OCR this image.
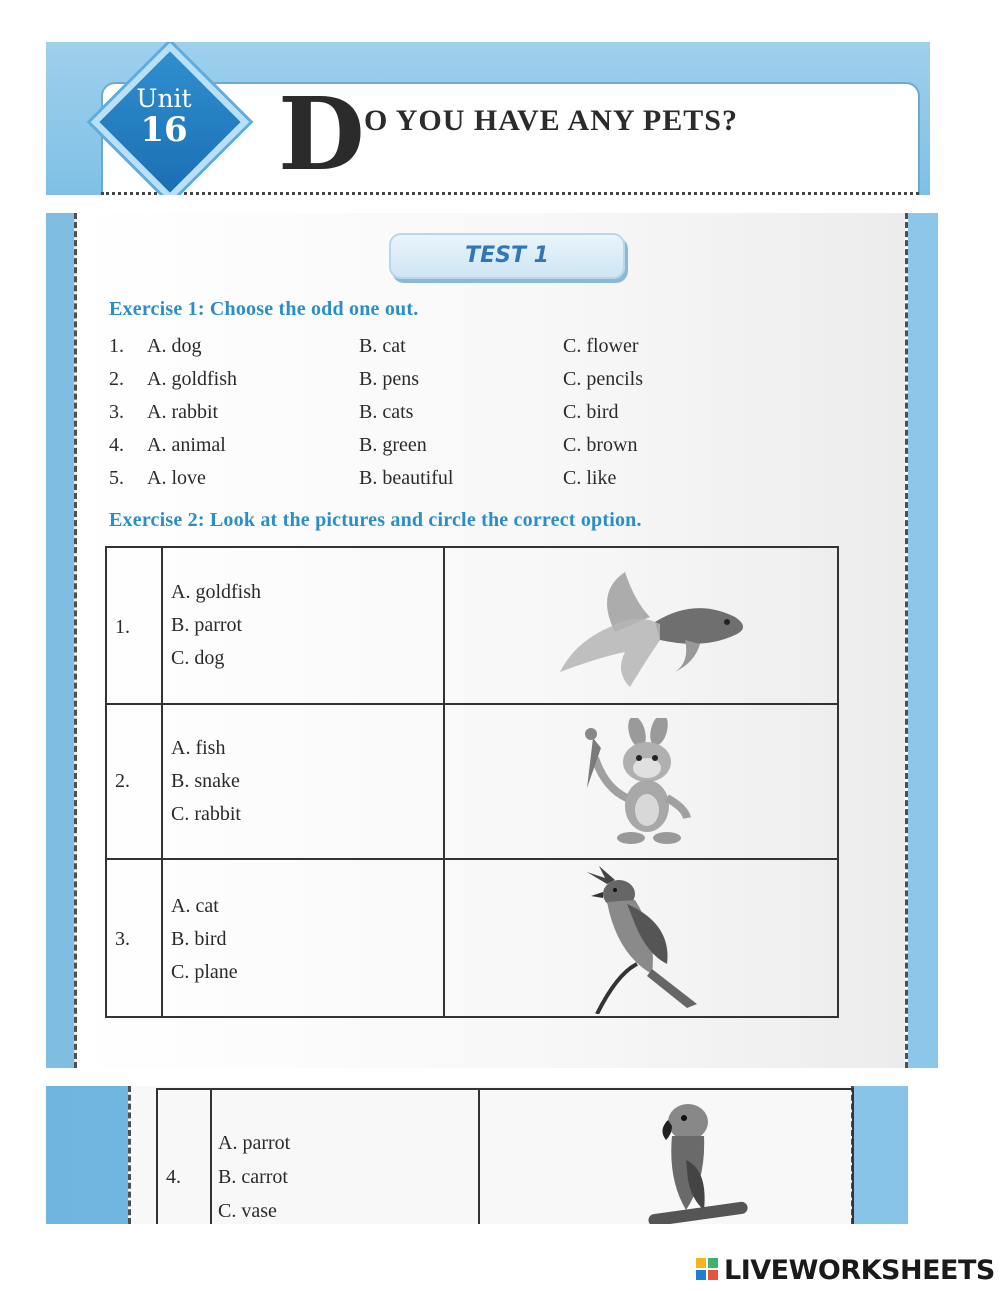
Unit
16 D O YOU HAVE ANY PETS?
TEST 1
Exercise 1: Choose the odd one out.
1. A. dog	B. cat	C. flower
2. A. goldfish	B. pens	C. pencils
3. A. rabbit	B. cats	C. bird
4. A. animal	B. green	C. brown
5. A. love	B. beautiful	C. like
Exercise 2: Look at the pictures and circle the correct option.
1.
A. goldfish
B. parrot
C. dog
2.
A. fish
B. snake
C. rabbit
3.
A. cat
B. bird
C. plane
4.
A. parrot
B. carrot
C. vase
LIVEWORKSHEETS
